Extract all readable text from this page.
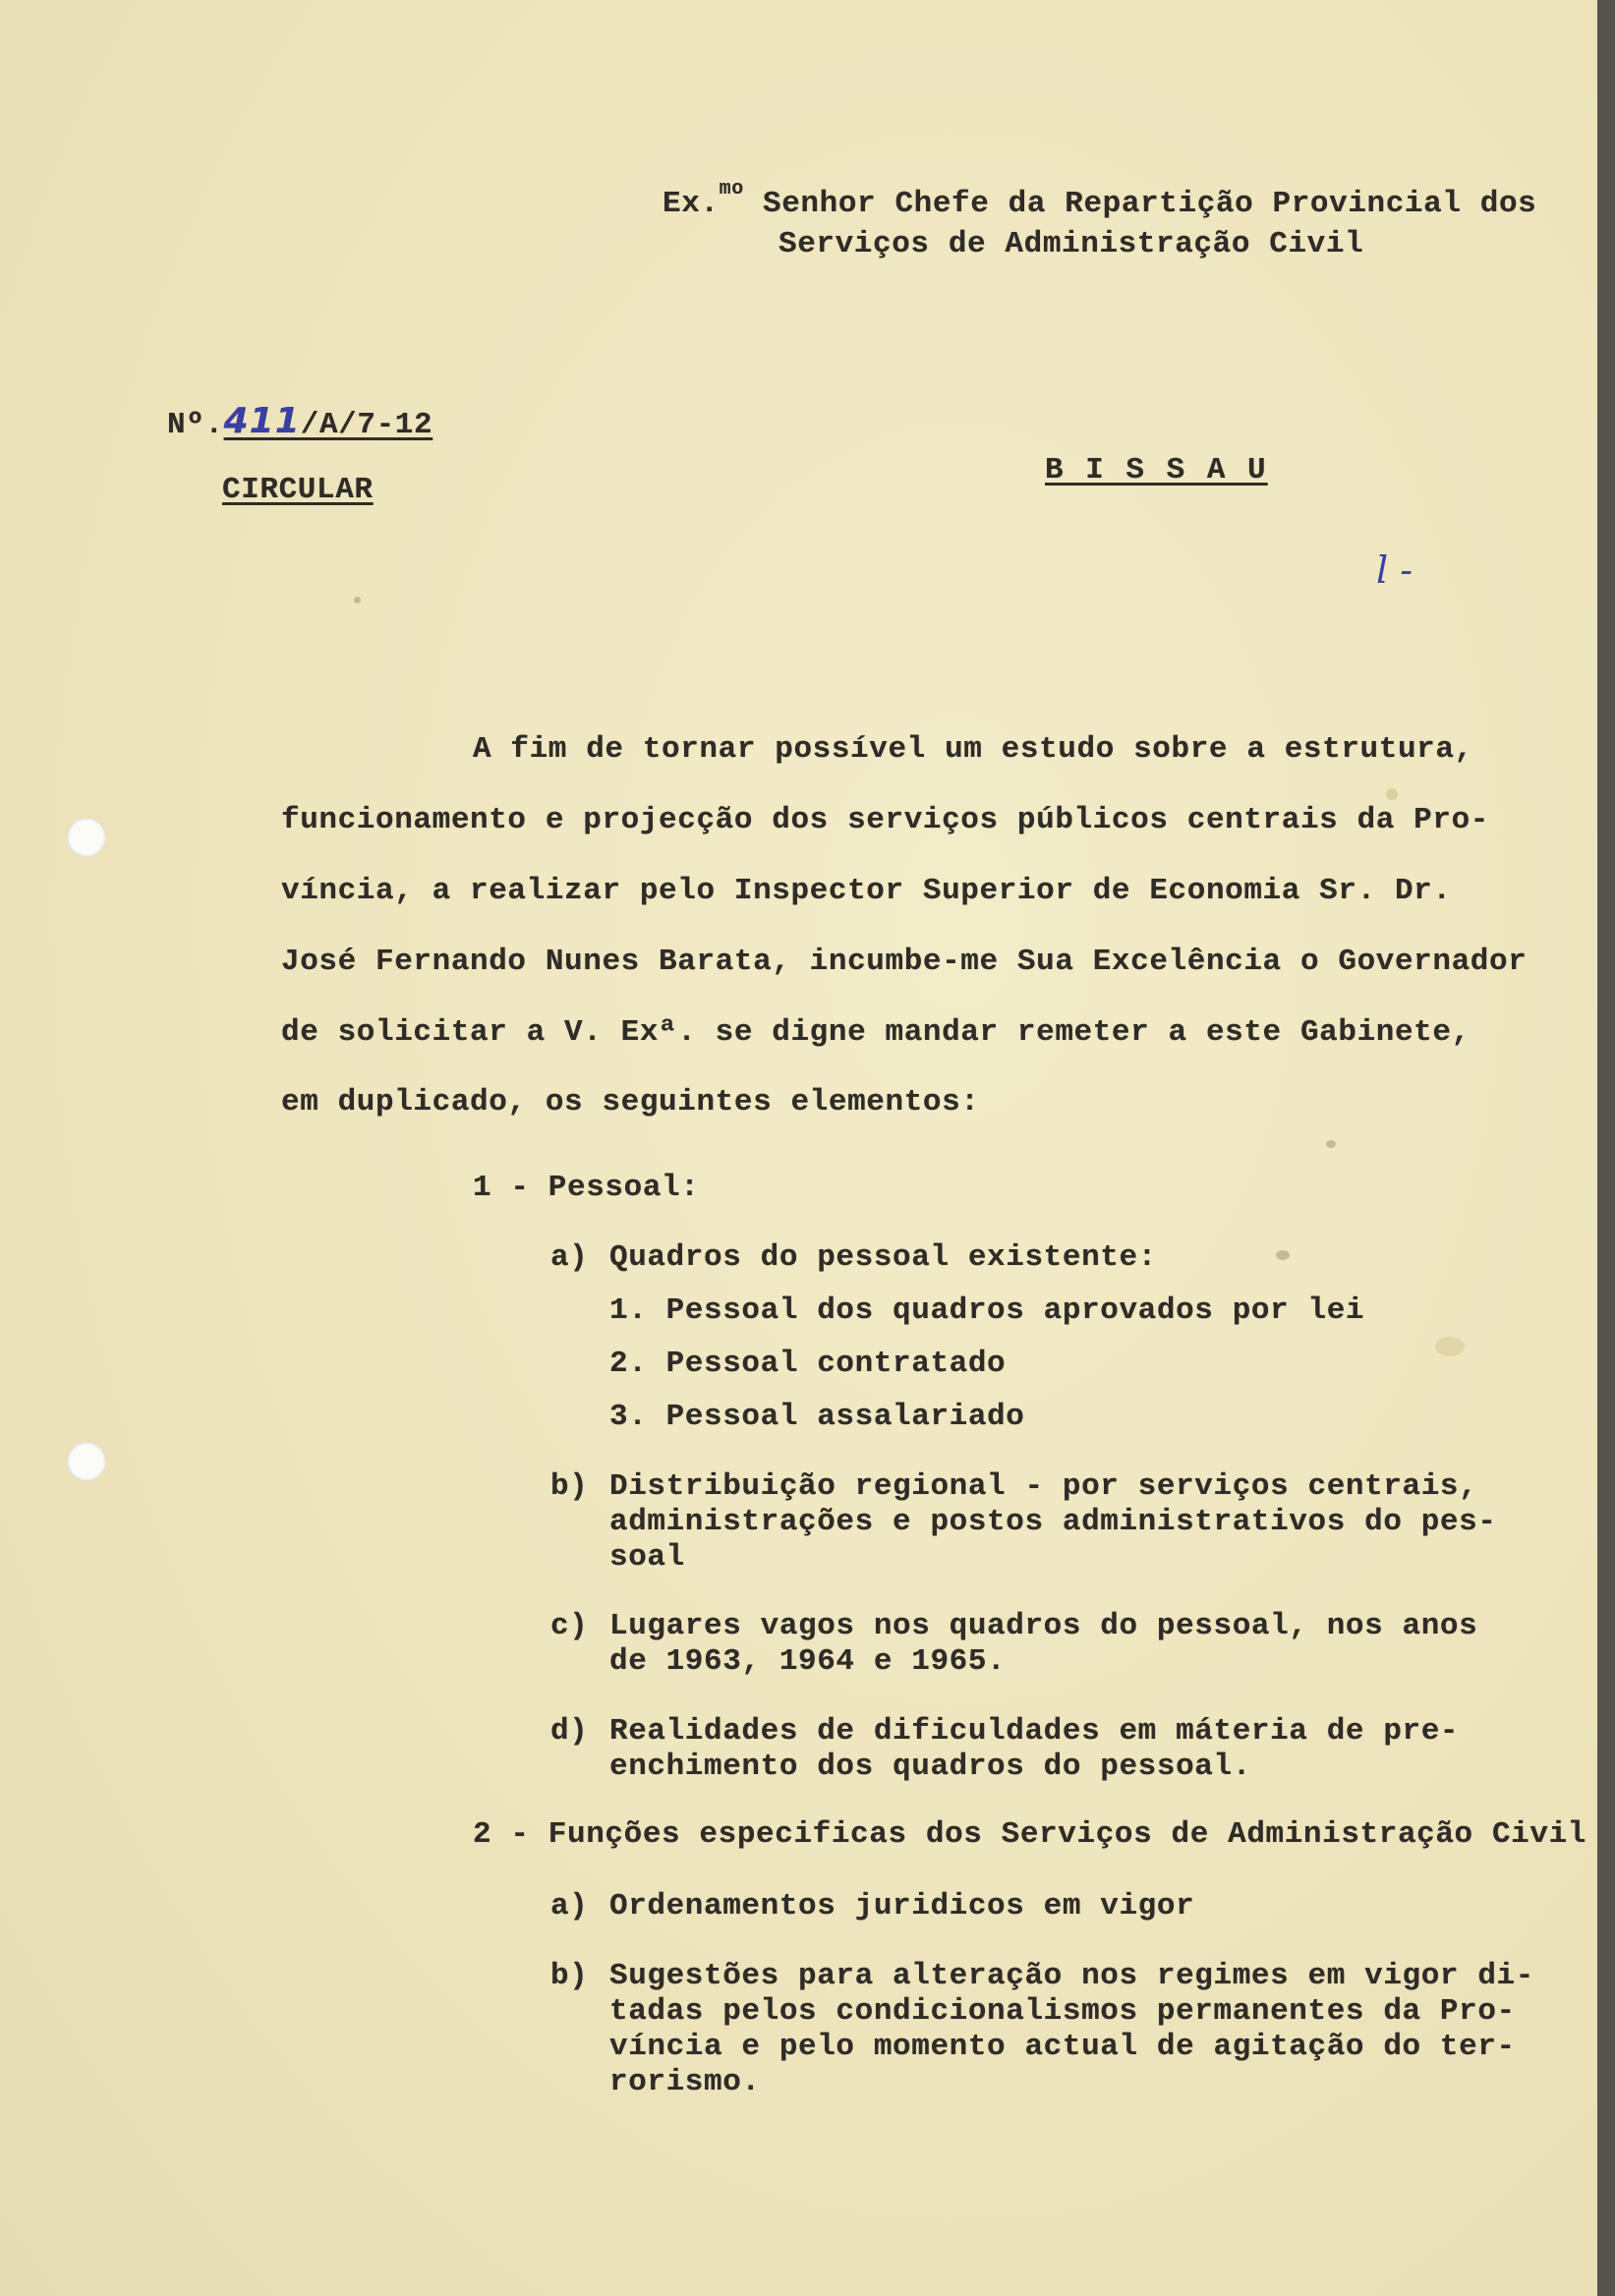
Ex.$^{mo}$ Senhor Chefe da Repartição Provincial dos
Serviços de Administração Civil
Nº.411/A/7-12
CIRCULAR
B I S S A U
l -
A fim de tornar possível um estudo sobre a estrutura,
funcionamento e projecção dos serviços públicos centrais da Pro-
víncia, a realizar pelo Inspector Superior de Economia Sr. Dr.
José Fernando Nunes Barata, incumbe-me Sua Excelência o Governador
de solicitar a V. Exª. se digne mandar remeter a este Gabinete,
em duplicado, os seguintes elementos:
1 - Pessoal:
a) Quadros do pessoal existente:
1. Pessoal dos quadros aprovados por lei
2. Pessoal contratado
3. Pessoal assalariado
b) Distribuição regional - por serviços centrais,
administrações e postos administrativos do pes-
soal
c) Lugares vagos nos quadros do pessoal, nos anos
de 1963, 1964 e 1965.
d) Realidades de dificuldades em máteria de pre-
enchimento dos quadros do pessoal.
2 - Funções especificas dos Serviços de Administração Civil
a) Ordenamentos juridicos em vigor
b) Sugestões para alteração nos regimes em vigor di-
tadas pelos condicionalismos permanentes da Pro-
víncia e pelo momento actual de agitação do ter-
rorismo.
